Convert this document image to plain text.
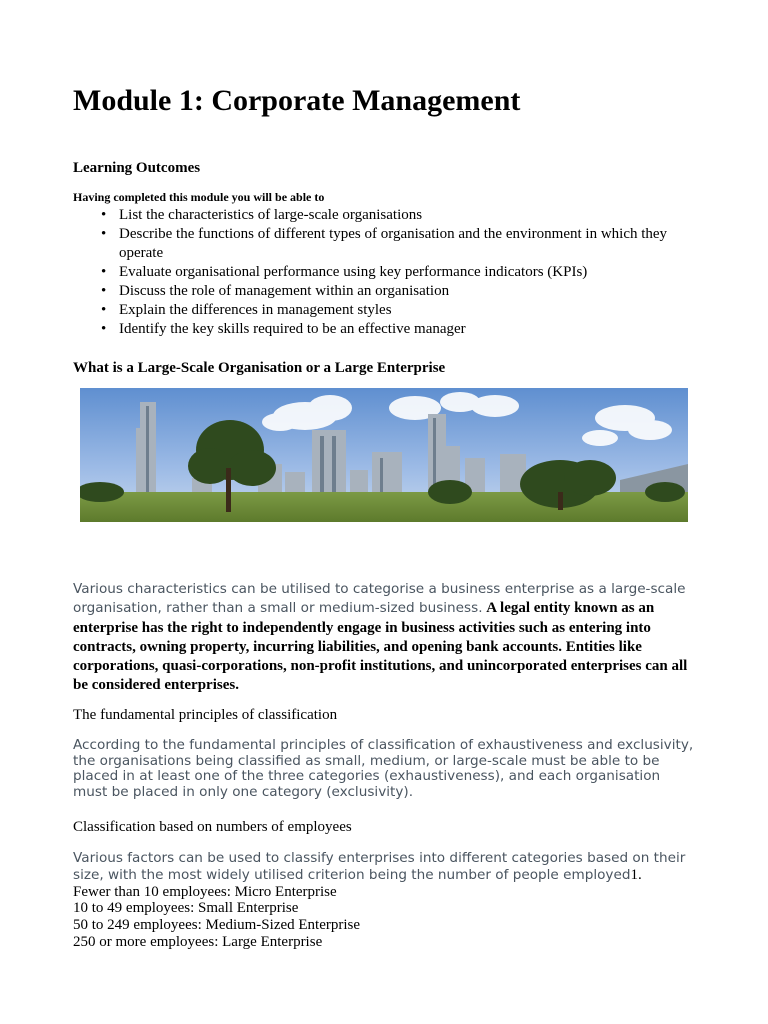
Module 1: Corporate Management

Learning Outcomes

Having completed this module you will be able to

• List the characteristics of large-scale organisations
• Describe the functions of different types of organisation and the environment in which they operate
• Evaluate organisational performance using key performance indicators (KPIs)
• Discuss the role of management within an organisation
• Explain the differences in management styles
• Identify the key skills required to be an effective manager

What is a Large-Scale Organisation or a Large Enterprise

Various characteristics can be utilised to categorise a business enterprise as a large-scale organisation, rather than a small or medium-sized business. A legal entity known as an enterprise has the right to independently engage in business activities such as entering into contracts, owning property, incurring liabilities, and opening bank accounts. Entities like corporations, quasi-corporations, non-profit institutions, and unincorporated enterprises can all be considered enterprises.

The fundamental principles of classification

According to the fundamental principles of classification of exhaustiveness and exclusivity, the organisations being classified as small, medium, or large-scale must be able to be placed in at least one of the three categories (exhaustiveness), and each organisation must be placed in only one category (exclusivity).

Classification based on numbers of employees

Various factors can be used to classify enterprises into different categories based on their size, with the most widely utilised criterion being the number of people employed1.
Fewer than 10 employees: Micro Enterprise
10 to 49 employees: Small Enterprise
50 to 249 employees: Medium-Sized Enterprise
250 or more employees: Large Enterprise
